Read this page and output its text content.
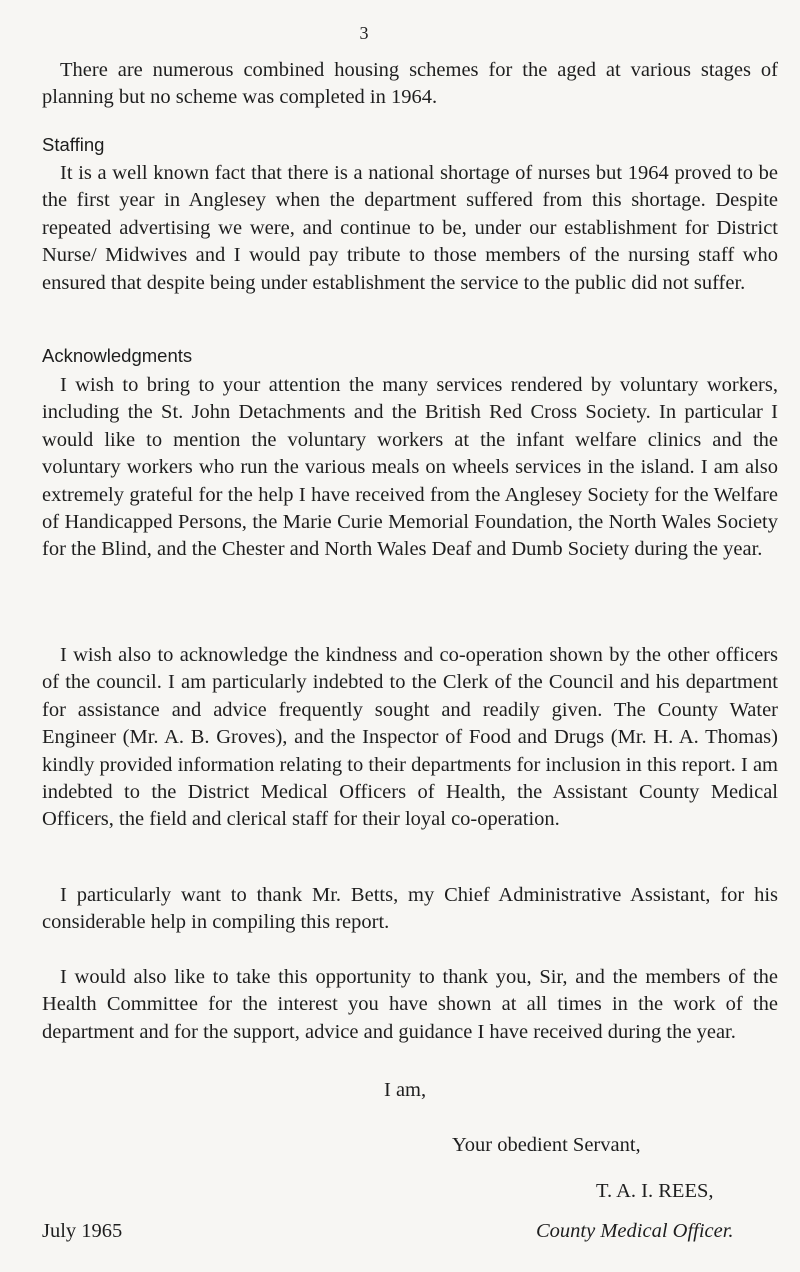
3

There are numerous combined housing schemes for the aged at various stages of planning but no scheme was completed in 1964.

Staffing

It is a well known fact that there is a national shortage of nurses but 1964 proved to be the first year in Anglesey when the department suffered from this shortage. Despite repeated advertising we were, and continue to be, under our establishment for District Nurse/ Midwives and I would pay tribute to those members of the nursing staff who ensured that despite being under establishment the service to the public did not suffer.

Acknowledgments

I wish to bring to your attention the many services rendered by voluntary workers, including the St. John Detachments and the British Red Cross Society. In particular I would like to mention the voluntary workers at the infant welfare clinics and the voluntary workers who run the various meals on wheels services in the island. I am also extremely grateful for the help I have received from the Anglesey Society for the Welfare of Handicapped Persons, the Marie Curie Memorial Foundation, the North Wales Society for the Blind, and the Chester and North Wales Deaf and Dumb Society during the year.

I wish also to acknowledge the kindness and co-operation shown by the other officers of the council. I am particularly indebted to the Clerk of the Council and his department for assistance and advice frequently sought and readily given. The County Water Engineer (Mr. A. B. Groves), and the Inspector of Food and Drugs (Mr. H. A. Thomas) kindly provided information relating to their departments for inclusion in this report. I am indebted to the District Medical Officers of Health, the Assistant County Medical Officers, the field and clerical staff for their loyal co-operation.

I particularly want to thank Mr. Betts, my Chief Administrative Assistant, for his considerable help in compiling this report.

I would also like to take this opportunity to thank you, Sir, and the members of the Health Committee for the interest you have shown at all times in the work of the department and for the support, advice and guidance I have received during the year.

I am,
Your obedient Servant,
T. A. I. REES,
County Medical Officer.
July 1965
